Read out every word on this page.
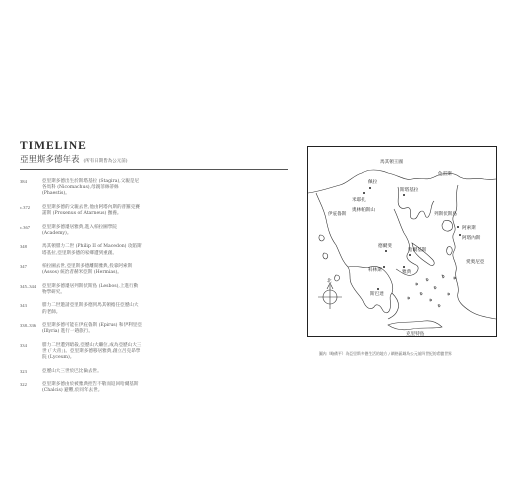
TIMELINE
亞里斯多德年表 (所有日期皆為公元前)
384	亞里斯多德出生於斯塔基拉 (Stagira),父親是尼各馬科 (Nicomachus),母親菲絲蒂絲 (Phaestis)。
c.372	亞里斯多德的父親去世,他由阿塔內斯的普羅克賽諾斯 (Proxenus of Atarneus) 撫養。
c.367	亞里斯多德遷居雅典,進入柏拉圖學院 (Academy)。
348	馬其頓腓力二世 (Philip II of Macedon) 攻陷斯塔基拉,亞里斯多德的家鄉遭到重創。
347	柏拉圖去世,亞里斯多德離開雅典,投靠阿索斯 (Assos) 統治者赫米亞斯 (Hermias)。
345–344	亞里斯多德遷居列斯伏斯島 (Lesbos),上進行動物學研究。
343	腓力二世邀請亞里斯多德到馬其頓擔任亞歷山大的老師。
338–336	亞里斯多德可能在伊庇魯斯 (Epirus) 和伊利里亞 (Illyria) 進行一趟旅行。
334	腓力二世遭到暗殺,亞歷山大繼位,成為亞歷山大三世 (「大帝」)。亞里斯多德移居雅典,創立呂克昂學院 (Lyceum)。
323	亞歷山大三世於巴比倫去世。
322	亞里斯多德由於被雅典控告不敬而返回哈爾基斯 (Chalcis) 避難,於同年去世。
馬其頓王國
佩拉
米耶扎
斯塔基拉
奧林帕斯山
伊庇魯斯	列斯伏斯島
阿索斯
阿塔內斯
哈爾基斯
德爾斐
雅典
科林斯
斯巴達
色雷斯
愛奧尼亞
克里特島
北
圖內（略備平）為亞里斯多德生活的地方 / 網格區域為公元前四世紀的希臘世界
